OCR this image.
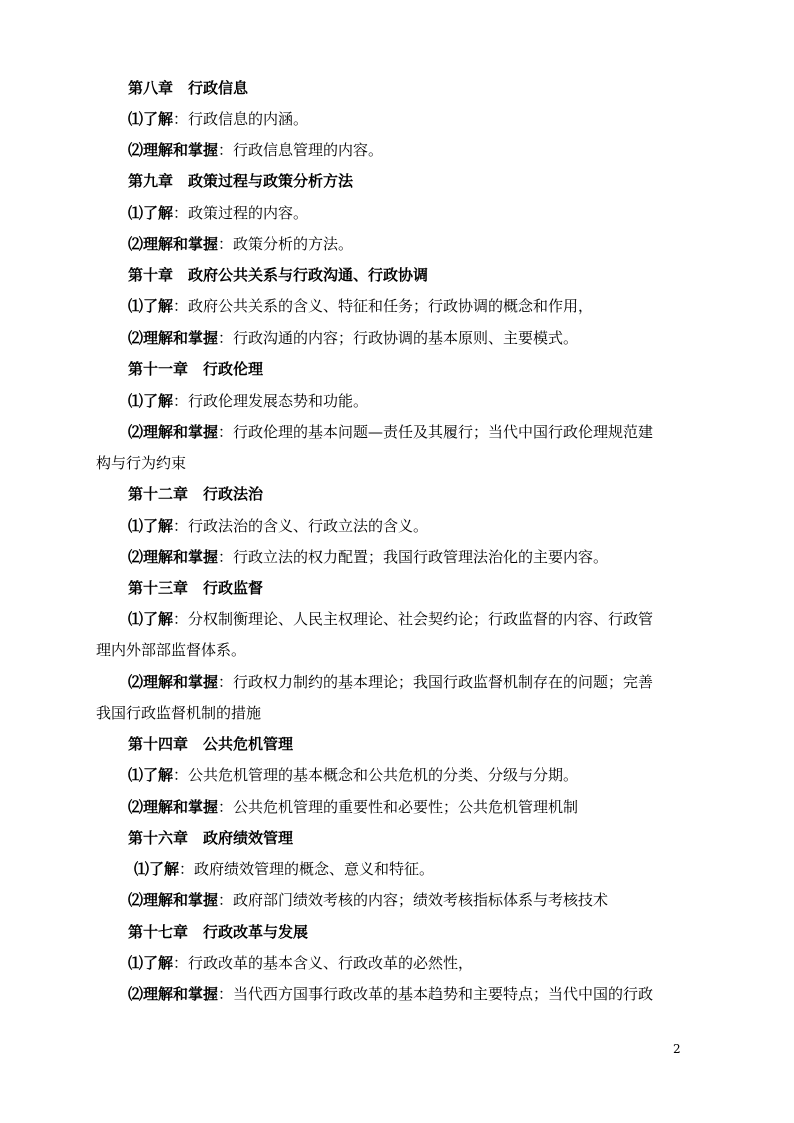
第八章 行政信息
⑴了解：行政信息的内涵。
⑵理解和掌握：行政信息管理的内容。
第九章 政策过程与政策分析方法
⑴了解：政策过程的内容。
⑵理解和掌握：政策分析的方法。
第十章 政府公共关系与行政沟通、行政协调
⑴了解：政府公共关系的含义、特征和任务；行政协调的概念和作用，
⑵理解和掌握：行政沟通的内容；行政协调的基本原则、主要模式。
第十一章 行政伦理
⑴了解：行政伦理发展态势和功能。
⑵理解和掌握：行政伦理的基本问题—责任及其履行；当代中国行政伦理规范建
构与行为约束
第十二章 行政法治
⑴了解：行政法治的含义、行政立法的含义。
⑵理解和掌握：行政立法的权力配置；我国行政管理法治化的主要内容。
第十三章 行政监督
⑴了解：分权制衡理论、人民主权理论、社会契约论；行政监督的内容、行政管
理内外部部监督体系。
⑵理解和掌握：行政权力制约的基本理论；我国行政监督机制存在的问题；完善
我国行政监督机制的措施
第十四章 公共危机管理
⑴了解：公共危机管理的基本概念和公共危机的分类、分级与分期。
⑵理解和掌握：公共危机管理的重要性和必要性；公共危机管理机制
第十六章 政府绩效管理
⑴了解：政府绩效管理的概念、意义和特征。
⑵理解和掌握：政府部门绩效考核的内容；绩效考核指标体系与考核技术
第十七章 行政改革与发展
⑴了解：行政改革的基本含义、行政改革的必然性，
⑵理解和掌握：当代西方国事行政改革的基本趋势和主要特点；当代中国的行政
2
